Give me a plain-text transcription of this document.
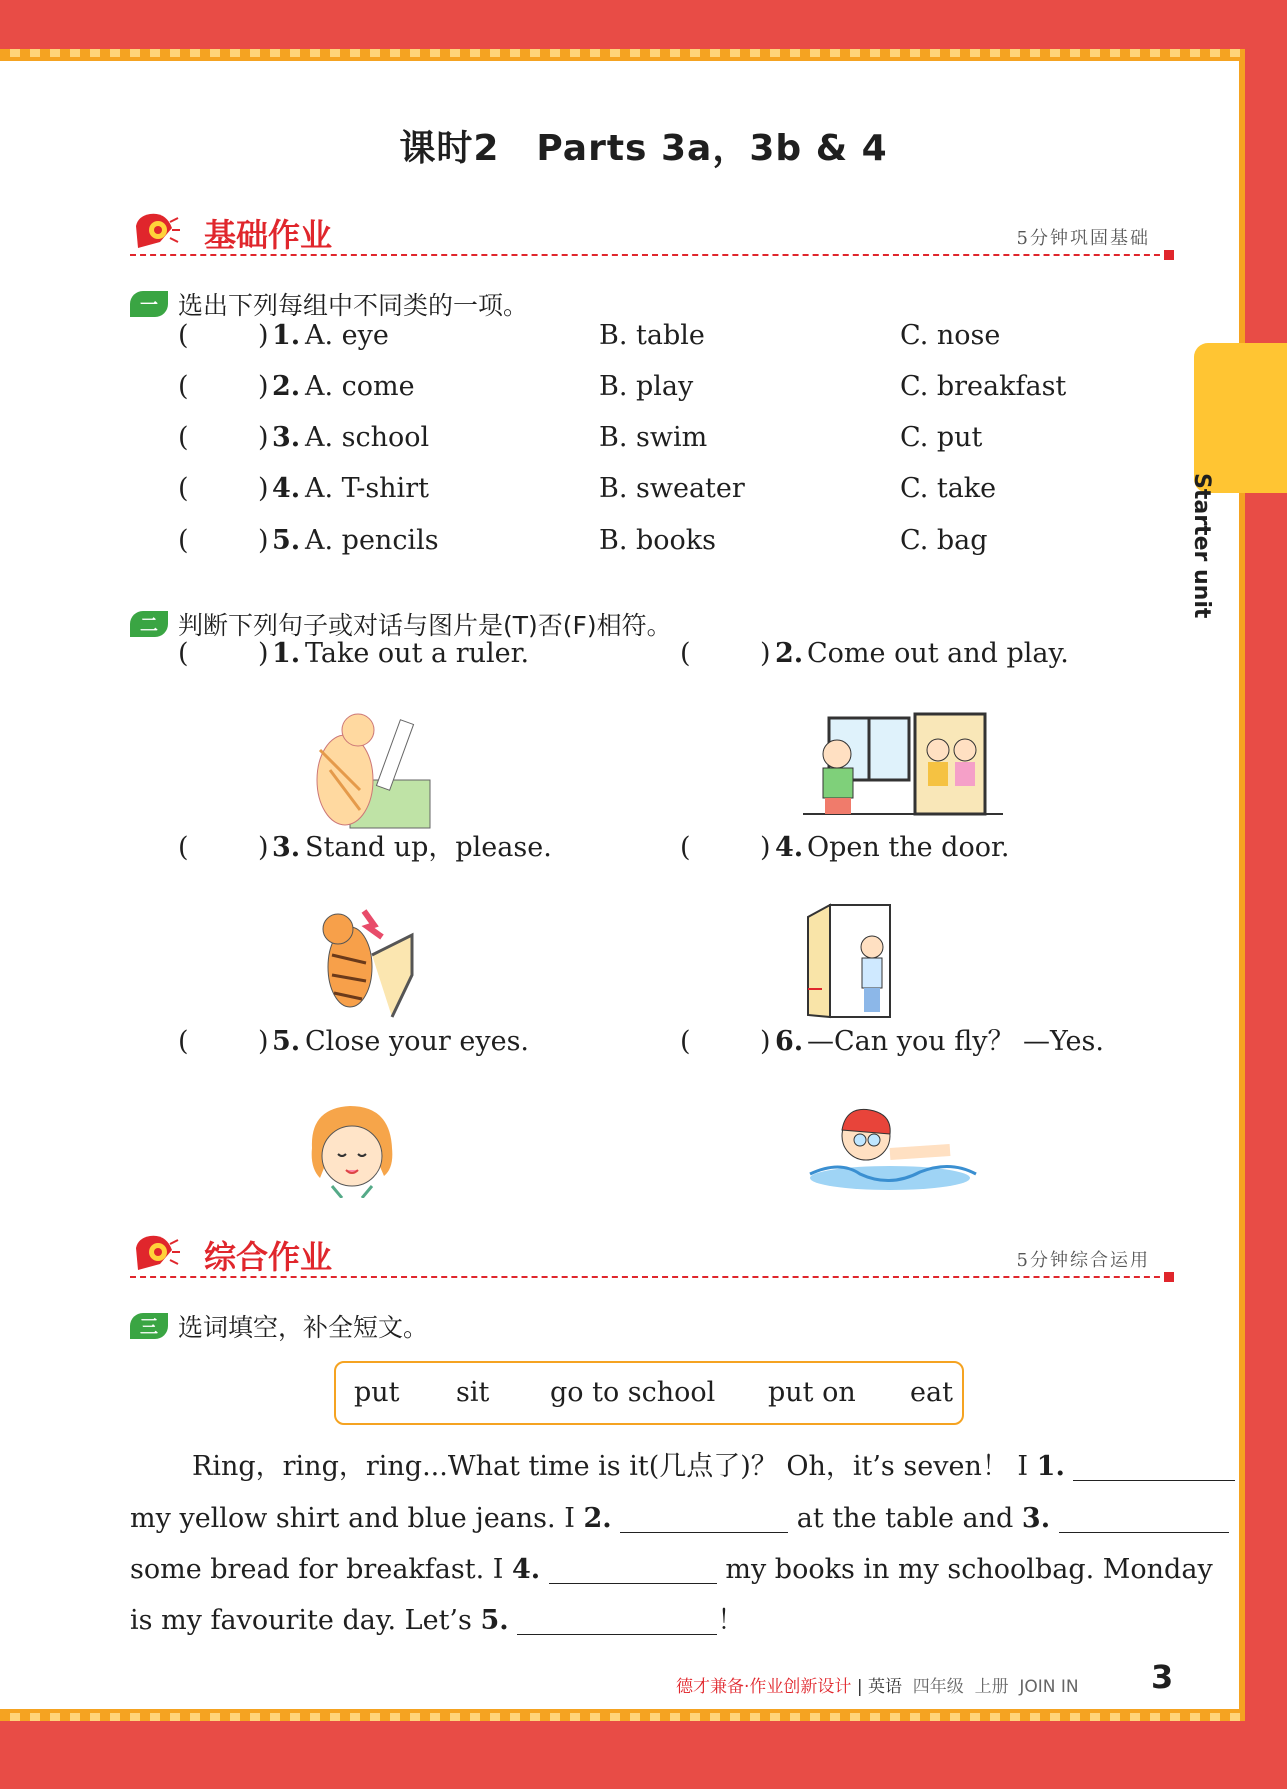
课时2　Parts 3a，3b & 4
基础作业	5分钟巩固基础
一 选出下列每组中不同类的一项。
(	) 1. A. eye	B. table	C. nose
(	) 2. A. come	B. play	C. breakfast
(	) 3. A. school	B. swim	C. put
(	) 4. A. T-shirt	B. sweater	C. take
(	) 5. A. pencils	B. books	C. bag
二 判断下列句子或对话与图片是(T)否(F)相符。
(	) 1. Take out a ruler.	(	) 2. Come out and play.
(	) 3. Stand up，please.	(	) 4. Open the door.
(	) 5. Close your eyes.	(	) 6. —Can you fly？ —Yes.
综合作业	5分钟综合运用
三 选词填空，补全短文。
put sit go to school put on eat
Ring，ring，ring...What time is it(几点了)？ Oh，it’s seven！ I 1.
my yellow shirt and blue jeans. I 2.	at the table and 3.
some bread for breakfast. I 4.	my books in my schoolbag. Monday
is my favourite day. Let’s 5.	！
德才兼备·作业创新设计 | 英语 四年级 上册 JOIN IN 3
